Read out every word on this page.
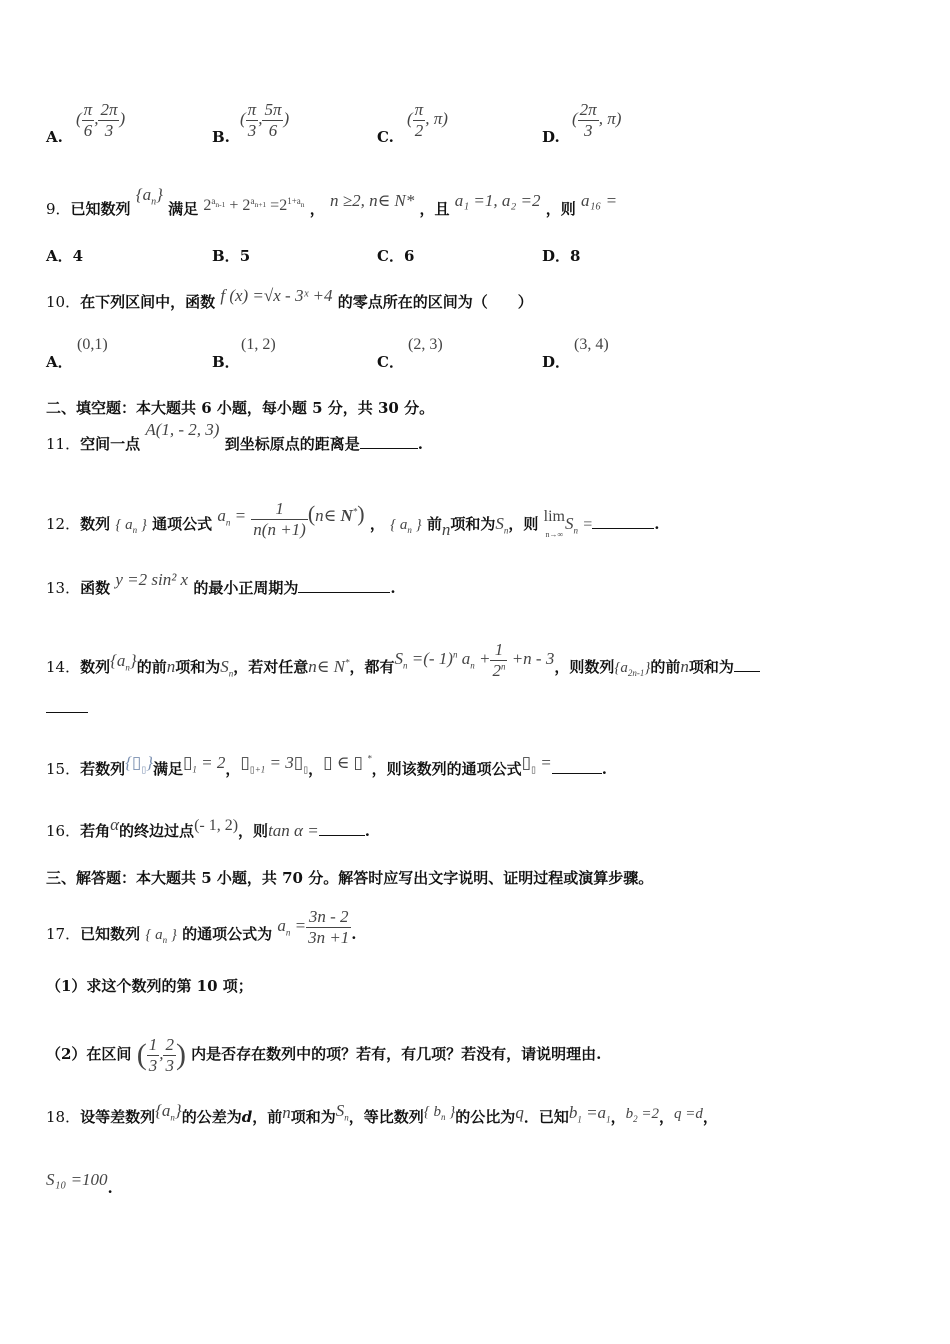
A.
( $\frac{\pi}{6}$ , $\frac{2\pi}{3}$ )
B.
( $\frac{\pi}{3}$ , $\frac{5\pi}{6}$ )
C.
( $\frac{\pi}{2}$ , π)
D.
( $\frac{2\pi}{3}$ , π)
9．已知数列 $\{a_n\}$ 满足 $2^{a_{n-1}} + 2^{a_{n+1}} =2^{1+a_n}$ ， n ≥2, n∈ N* ，且 a₁ =1, a₂ =2 ，则 a₁₆ =
A．4	B．5	C．6	D．8
10．在下列区间中，函数 f (x) =√x - 3ˣ +4 的零点所在的区间为（　　）
A．
(0,1)
B．
(1, 2)
C．
(2, 3)
D．
(3, 4)
二、填空题：本大题共 6 小题，每小题 5 分，共 30 分。
11．空间一点 A(1, - 2, 3) 到坐标原点的距离是	.
12．数列 { $a_n$ } 通项公式 $a_n = \frac{1}{n(n +1)}$ (n∈ N*) ， { $a_n$ } 前n项和为$S_n$，则 lim
$n\to\infty S_n$ =	.
13．函数 y =2 sin² x 的最小正周期为	.
14．数列$\{a_n\}$的前n项和为$S_n$，若对任意n∈ N*，都有$S_n$ =(- 1)$^n$ $a_n + \frac{1}{2^n} +n - 3$，则数列$\{a_{2n-1}\}$的前n项和为
15．若数列$\{▯_▯\}$满足$▯_1 = 2$，$▯_{▯+1}$ = $3▯_▯$，▯ ∈ ▯ *，则该数列的通项公式$▯_▯$ =	.
16．若角α的终边过点(- 1, 2)，则tan α =	.
三、解答题：本大题共 5 小题，共 70 分。解答时应写出文字说明、证明过程或演算步骤。
17．已知数列 { $a_n$ } 的通项公式为 $a_n = \frac{3n - 2}{3n +1}$ .
（1）求这个数列的第 10 项；
（2）在区间 ( $\frac{1}{3}$ , $\frac{2}{3}$ ) 内是否存在数列中的项？若有，有几项？若没有，请说明理由.
18．设等差数列$\{a_n\}$的公差为d，前n项和为$S_n$，等比数列{ $b_n$ }的公比为q．已知$b_1 =a_1$，$b_2 =2$，q =d，
S₁₀ =100.
